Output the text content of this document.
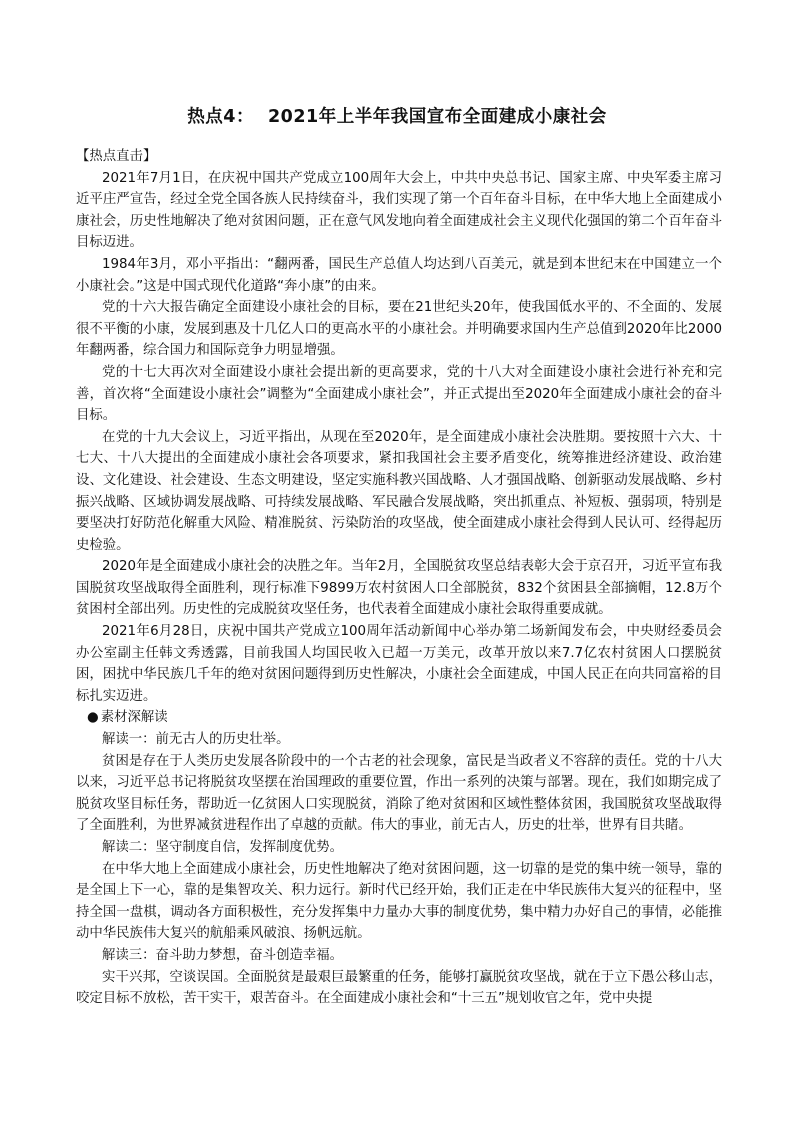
热点4： 2021年上半年我国宣布全面建成小康社会

【热点直击】

2021年7月1日，在庆祝中国共产党成立100周年大会上，中共中央总书记、国家主席、中央军委主席习近平庄严宣告，经过全党全国各族人民持续奋斗，我们实现了第一个百年奋斗目标，在中华大地上全面建成小康社会，历史性地解决了绝对贫困问题，正在意气风发地向着全面建成社会主义现代化强国的第二个百年奋斗目标迈进。

1984年3月，邓小平指出：“翻两番，国民生产总值人均达到八百美元，就是到本世纪末在中国建立一个小康社会。”这是中国式现代化道路“奔小康”的由来。

党的十六大报告确定全面建设小康社会的目标，要在21世纪头20年，使我国低水平的、不全面的、发展很不平衡的小康，发展到惠及十几亿人口的更高水平的小康社会。并明确要求国内生产总值到2020年比2000年翻两番，综合国力和国际竞争力明显增强。

党的十七大再次对全面建设小康社会提出新的更高要求，党的十八大对全面建设小康社会进行补充和完善，首次将“全面建设小康社会”调整为“全面建成小康社会”，并正式提出至2020年全面建成小康社会的奋斗目标。

在党的十九大会议上，习近平指出，从现在至2020年，是全面建成小康社会决胜期。要按照十六大、十七大、十八大提出的全面建成小康社会各项要求，紧扣我国社会主要矛盾变化，统筹推进经济建设、政治建设、文化建设、社会建设、生态文明建设，坚定实施科教兴国战略、人才强国战略、创新驱动发展战略、乡村振兴战略、区域协调发展战略、可持续发展战略、军民融合发展战略，突出抓重点、补短板、强弱项，特别是要坚决打好防范化解重大风险、精准脱贫、污染防治的攻坚战，使全面建成小康社会得到人民认可、经得起历史检验。

2020年是全面建成小康社会的决胜之年。当年2月，全国脱贫攻坚总结表彰大会于京召开，习近平宣布我国脱贫攻坚战取得全面胜利，现行标准下9899万农村贫困人口全部脱贫，832个贫困县全部摘帽，12.8万个贫困村全部出列。历史性的完成脱贫攻坚任务，也代表着全面建成小康社会取得重要成就。

2021年6月28日，庆祝中国共产党成立100周年活动新闻中心举办第二场新闻发布会，中央财经委员会办公室副主任韩文秀透露，目前我国人均国民收入已超一万美元，改革开放以来7.7亿农村贫困人口摆脱贫困，困扰中华民族几千年的绝对贫困问题得到历史性解决，小康社会全面建成，中国人民正在向共同富裕的目标扎实迈进。

● 素材深解读

解读一：前无古人的历史壮举。

贫困是存在于人类历史发展各阶段中的一个古老的社会现象，富民是当政者义不容辞的责任。党的十八大以来，习近平总书记将脱贫攻坚摆在治国理政的重要位置，作出一系列的决策与部署。现在，我们如期完成了脱贫攻坚目标任务，帮助近一亿贫困人口实现脱贫，消除了绝对贫困和区域性整体贫困，我国脱贫攻坚战取得了全面胜利，为世界减贫进程作出了卓越的贡献。伟大的事业，前无古人，历史的壮举，世界有目共睹。

解读二：坚守制度自信，发挥制度优势。

在中华大地上全面建成小康社会，历史性地解决了绝对贫困问题，这一切靠的是党的集中统一领导，靠的是全国上下一心，靠的是集智攻关、积力远行。新时代已经开始，我们正走在中华民族伟大复兴的征程中，坚持全国一盘棋，调动各方面积极性，充分发挥集中力量办大事的制度优势，集中精力办好自己的事情，必能推动中华民族伟大复兴的航船乘风破浪、扬帆远航。

解读三：奋斗助力梦想，奋斗创造幸福。

实干兴邦，空谈误国。全面脱贫是最艰巨最繁重的任务，能够打赢脱贫攻坚战，就在于立下愚公移山志，咬定目标不放松，苦干实干，艰苦奋斗。在全面建成小康社会和“十三五”规划收官之年，党中央提
